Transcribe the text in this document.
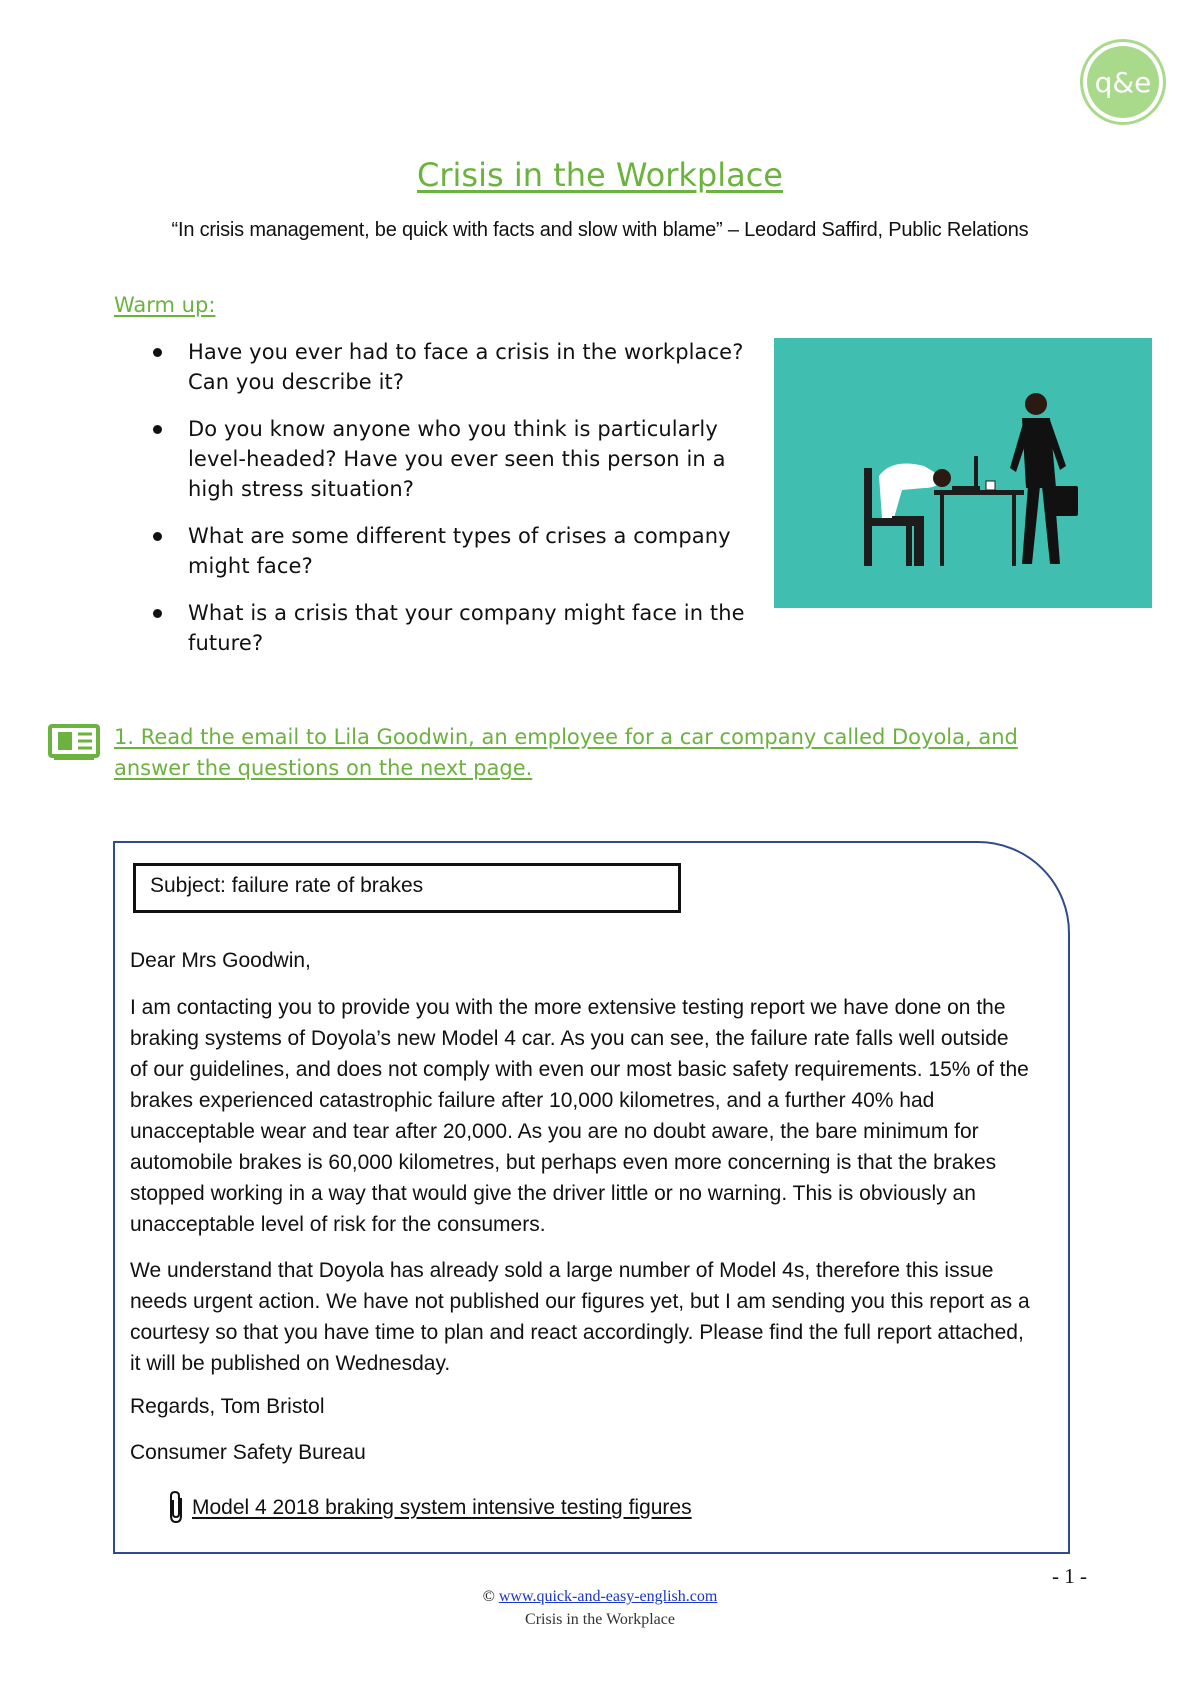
q&e
Crisis in the Workplace
“In crisis management, be quick with facts and slow with blame” – Leodard Saffird, Public Relations
Warm up:
Have you ever had to face a crisis in the workplace? Can you describe it?
Do you know anyone who you think is particularly level-headed? Have you ever seen this person in a high stress situation?
What are some different types of crises a company might face?
What is a crisis that your company might face in the future?
1. Read the email to Lila Goodwin, an employee for a car company called Doyola, and answer the questions on the next page.
Subject: failure rate of brakes

Dear Mrs Goodwin,

I am contacting you to provide you with the more extensive testing report we have done on the braking systems of Doyola’s new Model 4 car. As you can see, the failure rate falls well outside of our guidelines, and does not comply with even our most basic safety requirements. 15% of the brakes experienced catastrophic failure after 10,000 kilometres, and a further 40% had unacceptable wear and tear after 20,000. As you are no doubt aware, the bare minimum for automobile brakes is 60,000 kilometres, but perhaps even more concerning is that the brakes stopped working in a way that would give the driver little or no warning. This is obviously an unacceptable level of risk for the consumers.

We understand that Doyola has already sold a large number of Model 4s, therefore this issue needs urgent action. We have not published our figures yet, but I am sending you this report as a courtesy so that you have time to plan and react accordingly. Please find the full report attached, it will be published on Wednesday.

Regards, Tom Bristol

Consumer Safety Bureau

Model 4 2018 braking system intensive testing figures
- 1 -
© www.quick-and-easy-english.com
Crisis in the Workplace
